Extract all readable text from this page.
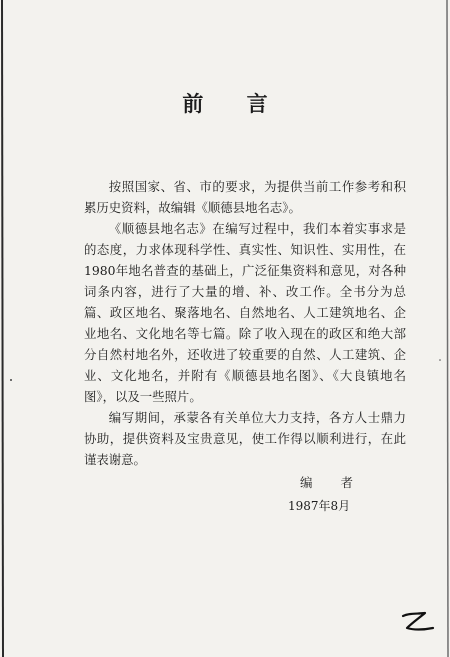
前 言

按照国家、省、市的要求，为提供当前工作参考和积累历史资料，故编辑《顺德县地名志》。

《顺德县地名志》在编写过程中，我们本着实事求是的态度，力求体现科学性、真实性、知识性、实用性，在1980年地名普查的基础上，广泛征集资料和意见，对各种词条内容，进行了大量的增、补、改工作。全书分为总篇、政区地名、聚落地名、自然地名、人工建筑地名、企业地名、文化地名等七篇。除了收入现在的政区和绝大部分自然村地名外，还收进了较重要的自然、人工建筑、企业、文化地名，并附有《顺德县地名图》、《大良镇地名图》，以及一些照片。

编写期间，承蒙各有关单位大力支持，各方人士鼎力协助，提供资料及宝贵意见，使工作得以顺利进行，在此谨表谢意。

编 者
1987年8月
